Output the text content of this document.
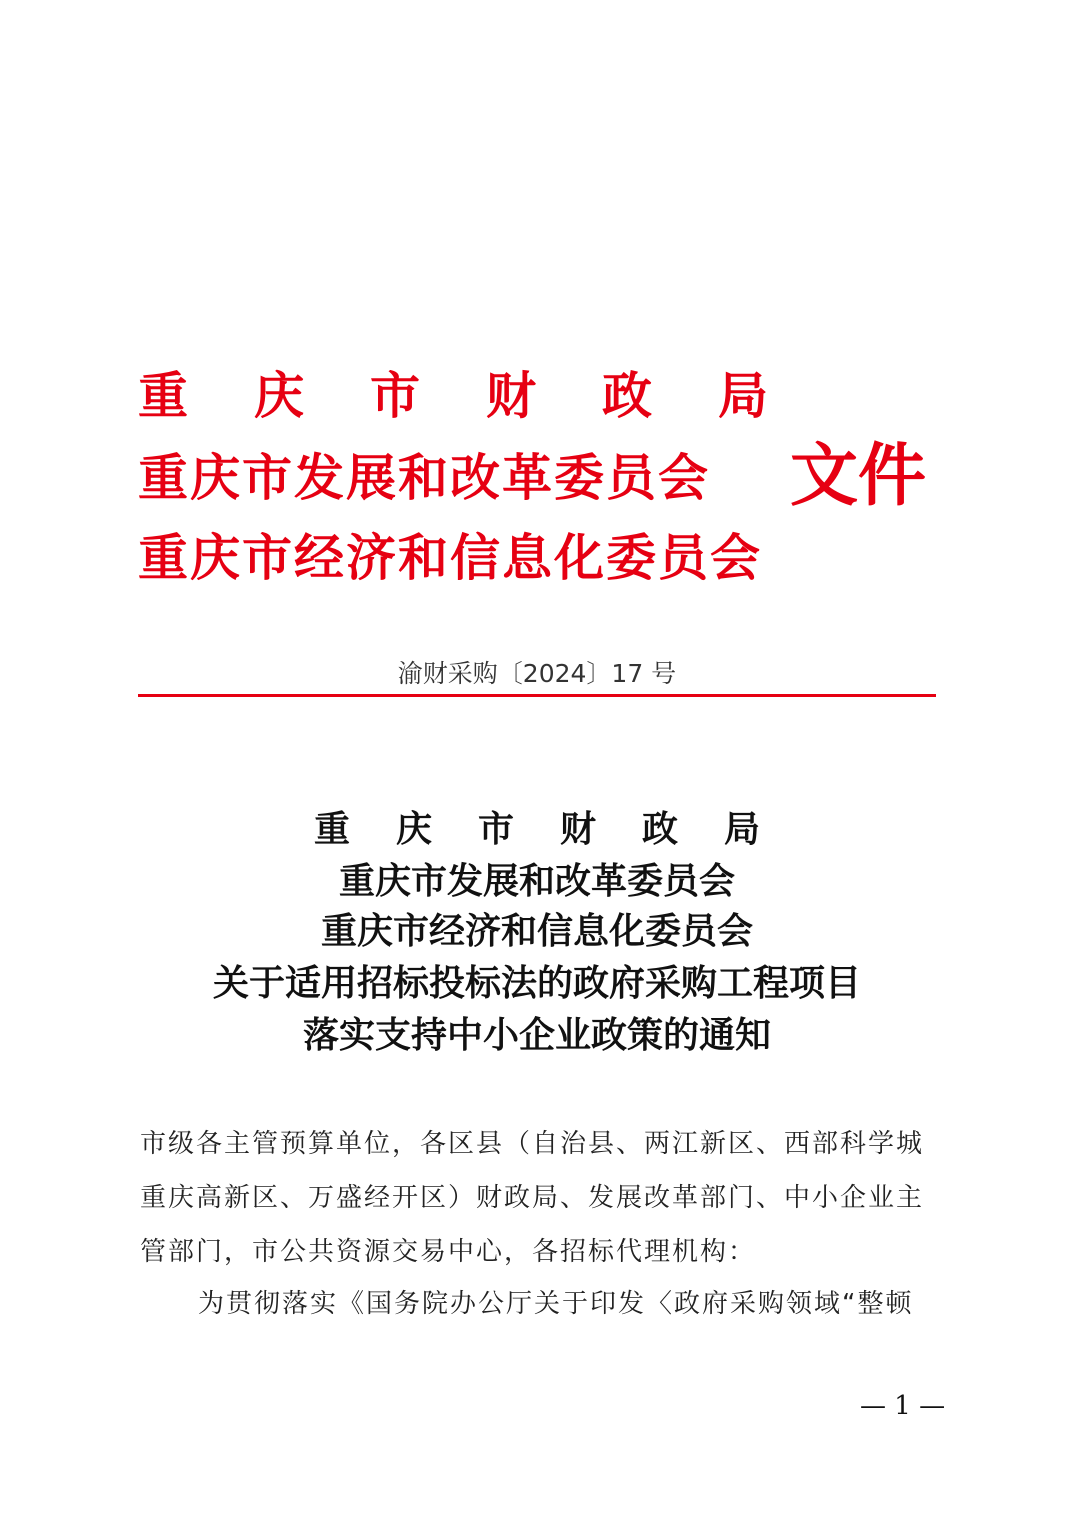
重庆市财政局
重庆市发展和改革委员会
重庆市经济和信息化委员会
文件
渝财采购〔2024〕17 号
重庆市财政局
重庆市发展和改革委员会
重庆市经济和信息化委员会
关于适用招标投标法的政府采购工程项目
落实支持中小企业政策的通知
市级各主管预算单位，各区县（自治县、两江新区、西部科学城
重庆高新区、万盛经开区）财政局、发展改革部门、中小企业主
管部门，市公共资源交易中心，各招标代理机构：
为贯彻落实《国务院办公厅关于印发〈政府采购领域“整顿
— 1 —
